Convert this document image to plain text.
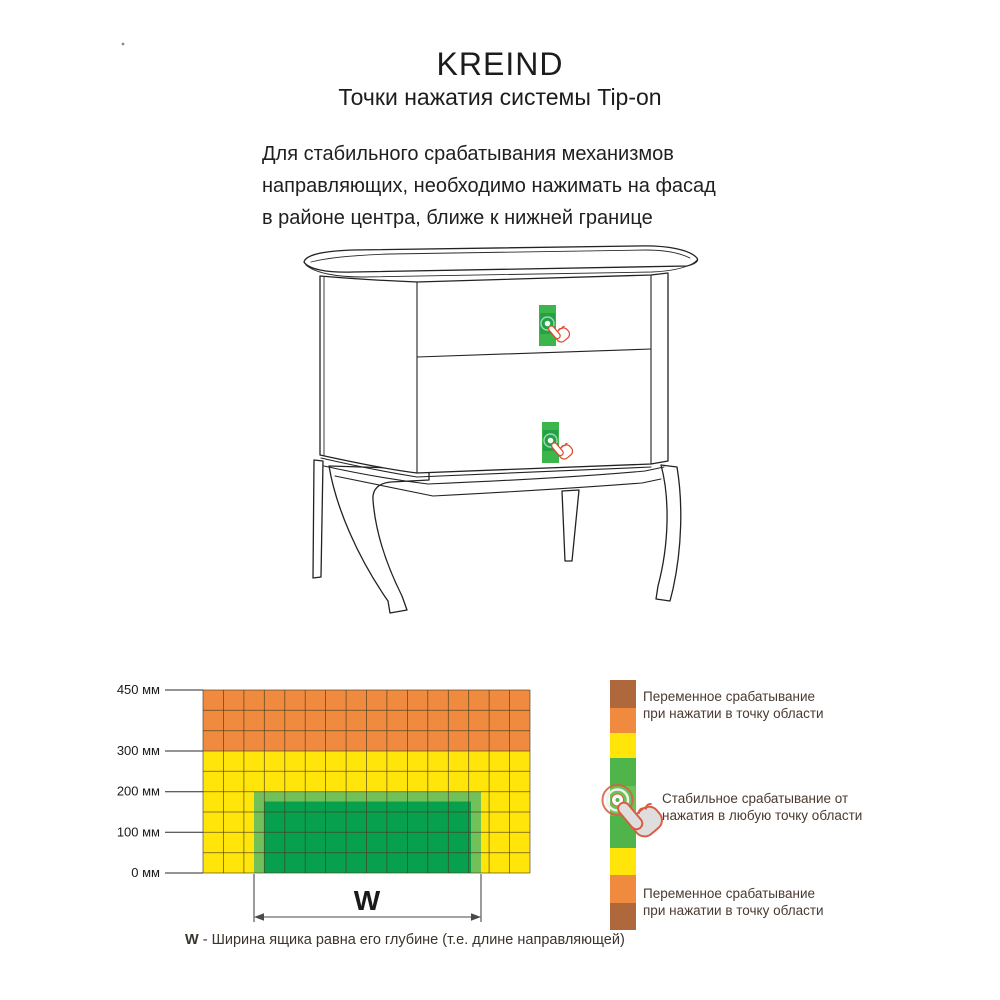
KREIND
Точки нажатия системы Tip-on
Для стабильного срабатывания механизмов
направляющих, необходимо нажимать на фасад
в районе центра, ближе к нижней границе
450 мм
300 мм
200 мм
100 мм
0 мм
W
Переменное срабатывание
при нажатии в точку области
Стабильное срабатывание от
нажатия в любую точку области
Переменное срабатывание
при нажатии в точку области
W - Ширина ящика равна его глубине (т.е. длине направляющей)
